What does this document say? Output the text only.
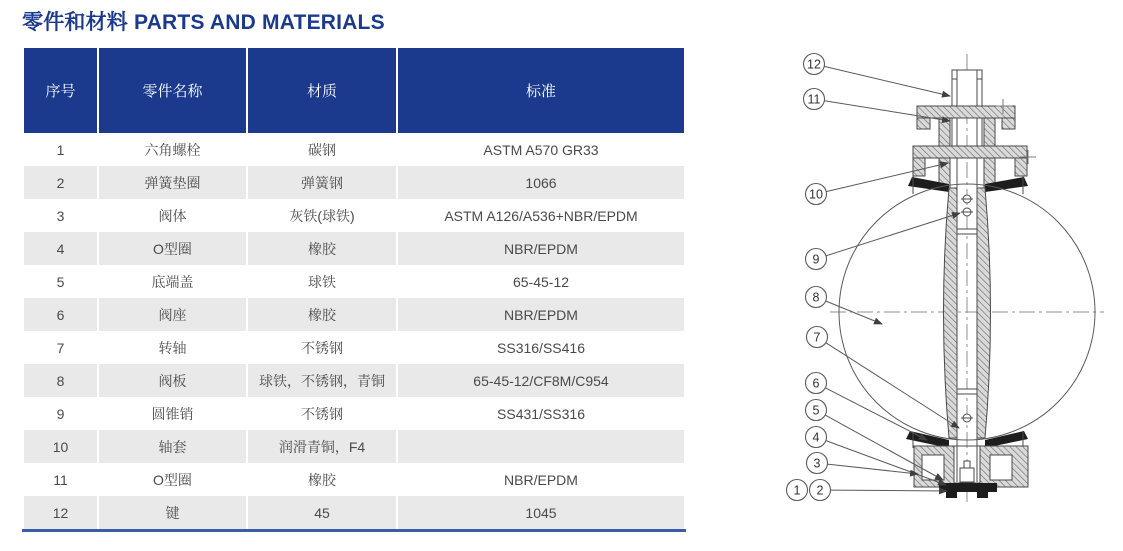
零件和材料 PARTS AND MATERIALS
序号	零件名称	材质	标准
1	六角螺栓	碳钢	ASTM A570 GR33
2	弹簧垫圈	弹簧钢	1066
3	阀体	灰铁(球铁)	ASTM A126/A536+NBR/EPDM
4	O型圈	橡胶	NBR/EPDM
5	底端盖	球铁	65-45-12
6	阀座	橡胶	NBR/EPDM
7	转轴	不锈钢	SS316/SS416
8	阀板	球铁，不锈钢，青铜	65-45-12/CF8M/C954
9	圆锥销	不锈钢	SS431/SS316
10	轴套	润滑青铜，F4	
11	O型圈	橡胶	NBR/EPDM
12	键	45	1045
12
11
10
9
8
7
6
5
4
3
1 2
